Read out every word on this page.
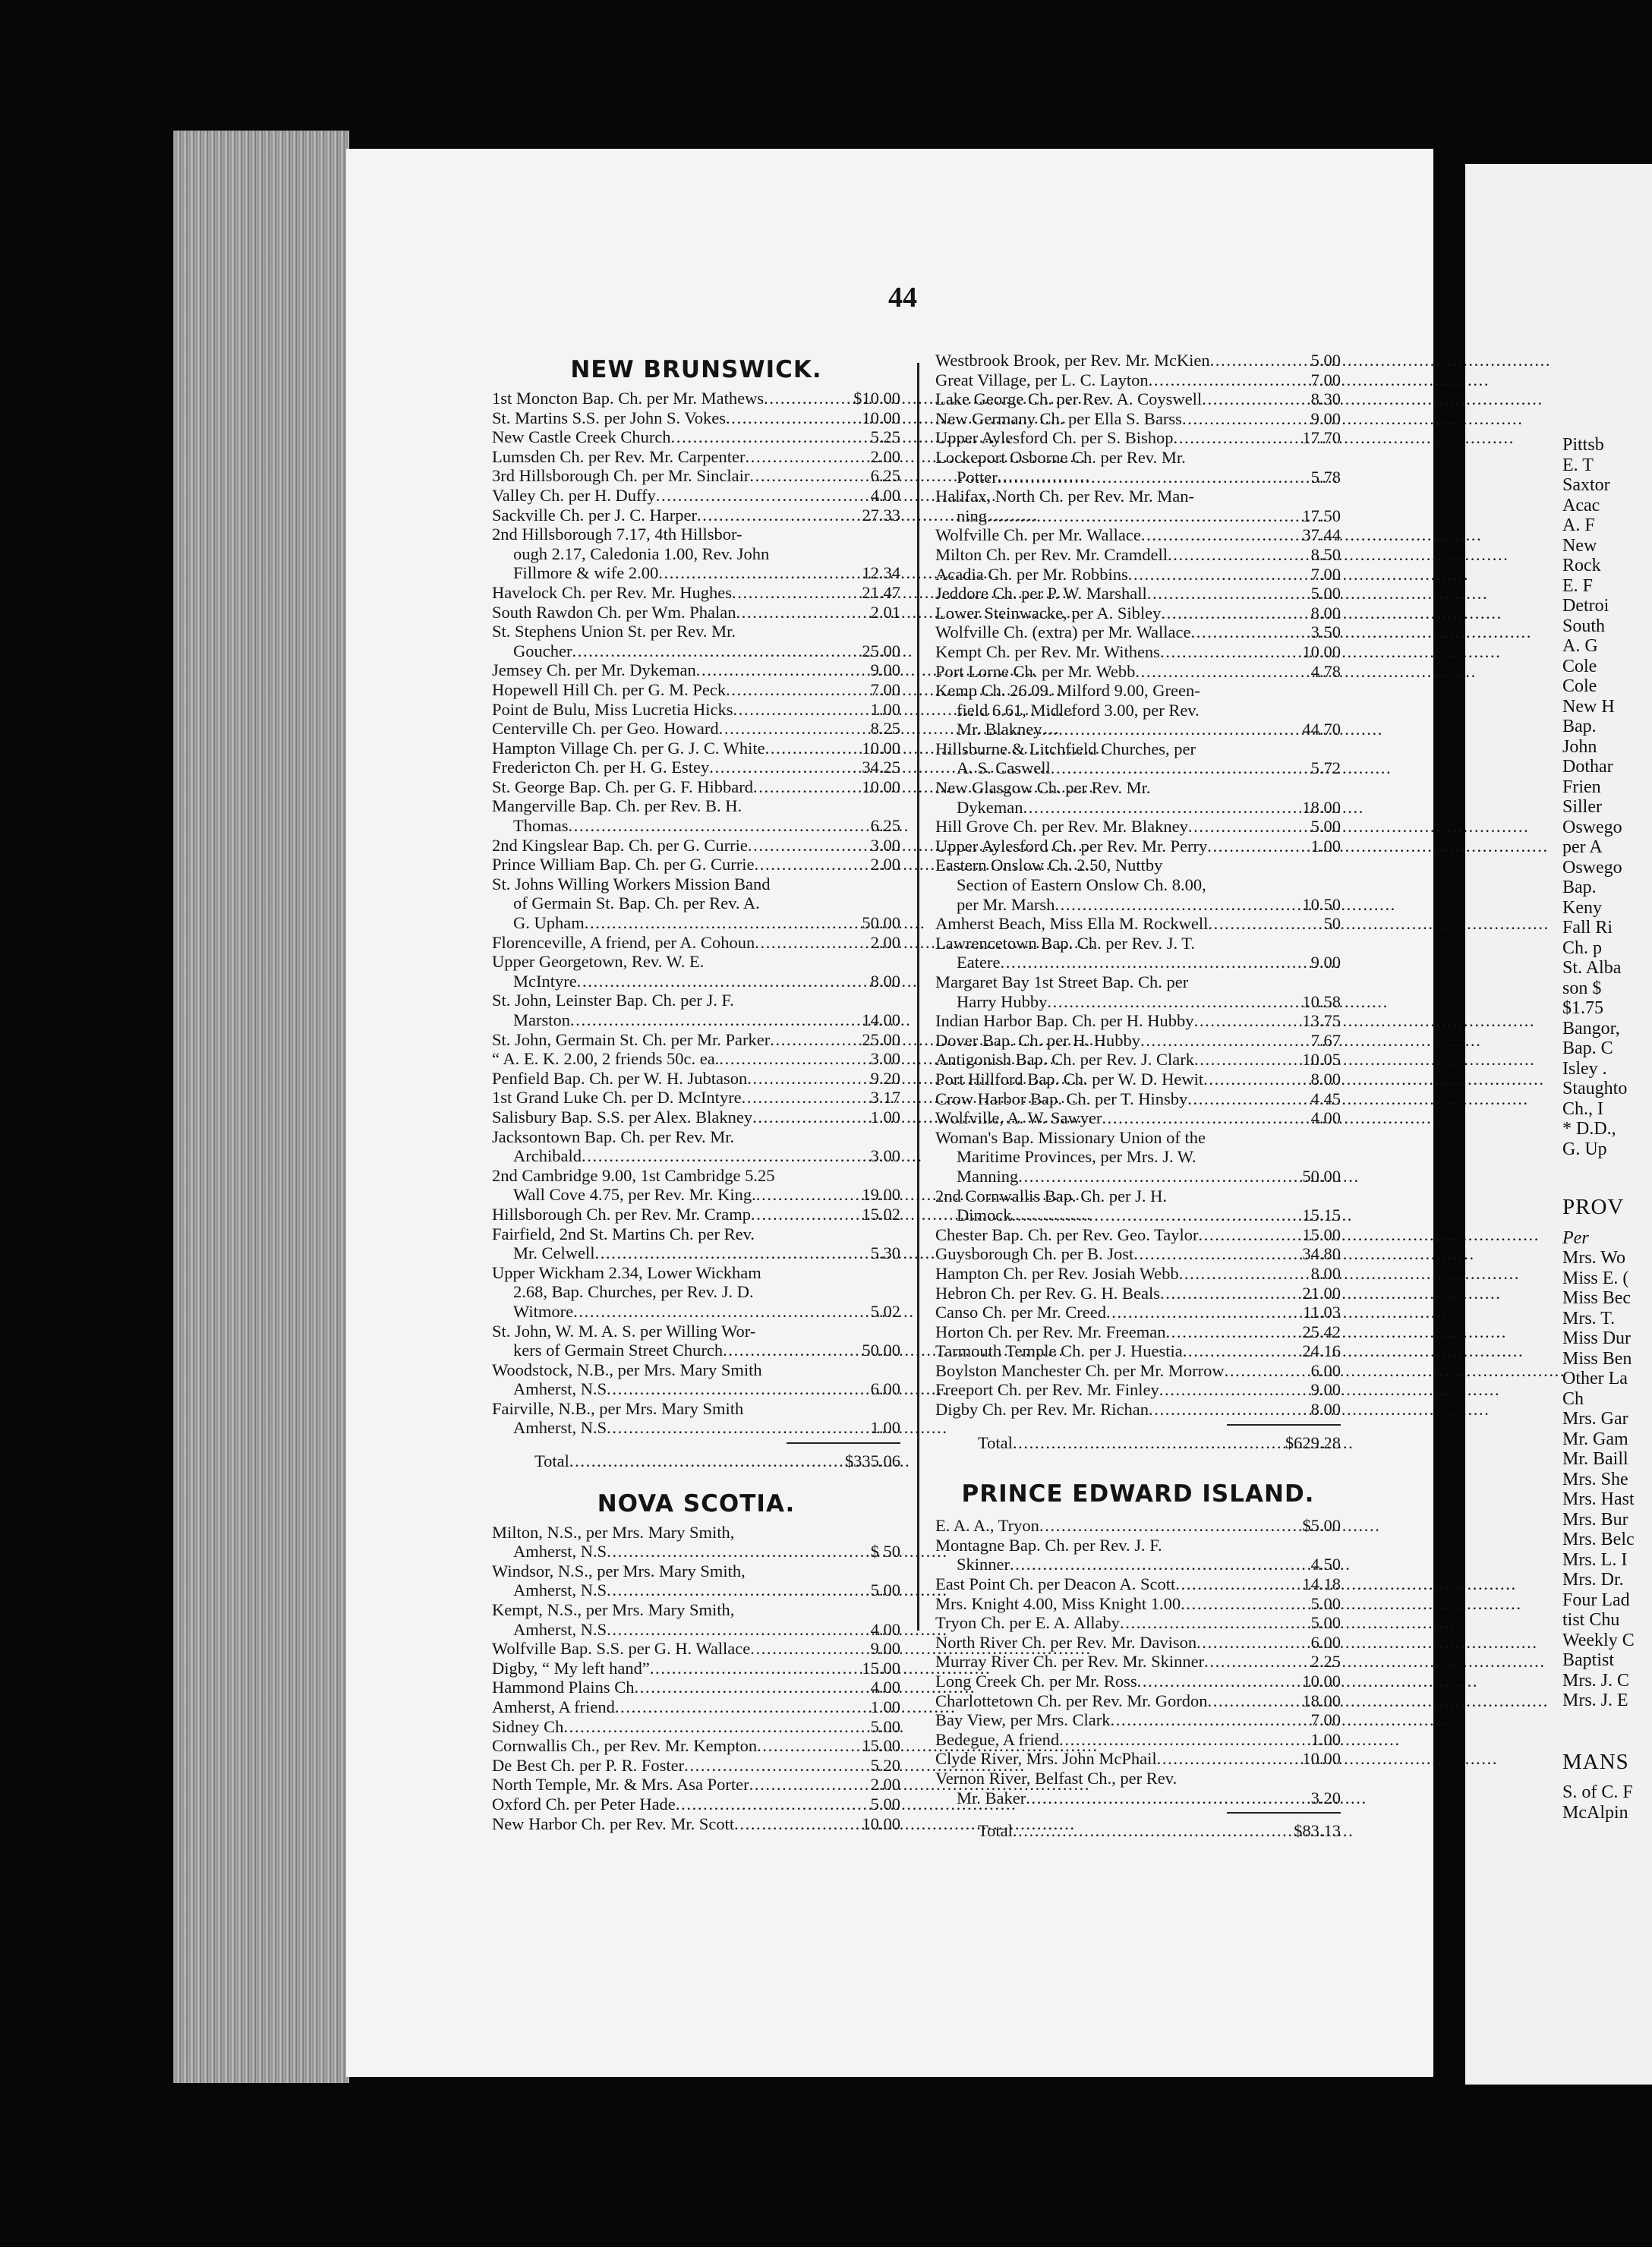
Pittsb
E. T
Saxtor
Acac
A. F
New
Rock
E. F
Detroi
South
A. G
Cole
Cole
New H
Bap.
John
Dothar
Frien
Siller
Oswego
per A
Oswego
Bap.
Keny
Fall Ri
Ch. p
St. Alba
son $
$1.75
Bangor,
Bap. C
Isley .
Staughto
Ch., I
* D.D.,
G. Up
PROV
Per
Mrs. Wo
Miss E. (
Miss Bec
Mrs. T.
Miss Dur
Miss Ben
Other La
Ch
Mrs. Gar
Mr. Gam
Mr. Baill
Mrs. She
Mrs. Hast
Mrs. Bur
Mrs. Belc
Mrs. L. I
Mrs. Dr.
Four Lad
tist Chu
Weekly C
Baptist
Mrs. J. C
Mrs. J. E
MANS
S. of C. F
McAlpin
44
NEW BRUNSWICK.
1st Moncton Bap. Ch. per Mr. Mathews . . .	$10.00
St. Martins S.S. per John S. Vokes . . .	10.00
New Castle Creek Church . . .	5.25
Lumsden Ch. per Rev. Mr. Carpenter . . .	2.00
3rd Hillsborough Ch. per Mr. Sinclair . . .	6.25
Valley Ch. per H. Duffy . . .	4.00
Sackville Ch. per J. C. Harper . . .	27.33
2nd Hillsborough 7.17, 4th Hillsbor-
ough 2.17, Caledonia 1.00, Rev. John
Fillmore & wife 2.00 . . .	12.34
Havelock Ch. per Rev. Mr. Hughes . . .	21.47
South Rawdon Ch. per Wm. Phalan . . .	2.01
St. Stephens Union St. per Rev. Mr.
Goucher . . .	25.00
Jemsey Ch. per Mr. Dykeman . . .	9.00
Hopewell Hill Ch. per G. M. Peck . . .	7.00
Point de Bulu, Miss Lucretia Hicks . . .	1.00
Centerville Ch. per Geo. Howard . . .	8.25
Hampton Village Ch. per G. J. C. White . . .	10.00
Fredericton Ch. per H. G. Estey . . .	34.25
St. George Bap. Ch. per G. F. Hibbard . . .	10.00
Mangerville Bap. Ch. per Rev. B. H.
Thomas . . .	6.25
2nd Kingslear Bap. Ch. per G. Currie . . .	3.00
Prince William Bap. Ch. per G. Currie . . .	2.00
St. Johns Willing Workers Mission Band
of Germain St. Bap. Ch. per Rev. A.
G. Upham . . .	50.00
Florenceville, A friend, per A. Cohoun . . .	2.00
Upper Georgetown, Rev. W. E.
McIntyre . . .	8.00
St. John, Leinster Bap. Ch. per J. F.
Marston . . .	14.00
St. John, Germain St. Ch. per Mr. Parker . . .	25.00
“ A. E. K. 2.00, 2 friends 50c. ea. . . .	3.00
Penfield Bap. Ch. per W. H. Jubtason . . .	9.20
1st Grand Luke Ch. per D. McIntyre . . .	3.17
Salisbury Bap. S.S. per Alex. Blakney . . .	1.00
Jacksontown Bap. Ch. per Rev. Mr.
Archibald . . .	3.00
2nd Cambridge 9.00, 1st Cambridge 5.25
Wall Cove 4.75, per Rev. Mr. King. . . .	19.00
Hillsborough Ch. per Rev. Mr. Cramp . . .	15.02
Fairfield, 2nd St. Martins Ch. per Rev.
Mr. Celwell . . .	5.30
Upper Wickham 2.34, Lower Wickham
2.68, Bap. Churches, per Rev. J. D.
Witmore . . .	5.02
St. John, W. M. A. S. per Willing Wor-
kers of Germain Street Church . . .	50.00
Woodstock, N.B., per Mrs. Mary Smith
Amherst, N.S . . .	6.00
Fairville, N.B., per Mrs. Mary Smith
Amherst, N.S . . .	1.00
Total . . .	$335.06
NOVA SCOTIA.
Milton, N.S., per Mrs. Mary Smith,
Amherst, N.S . . .	$ 50
Windsor, N.S., per Mrs. Mary Smith,
Amherst, N.S . . .	5.00
Kempt, N.S., per Mrs. Mary Smith,
Amherst, N.S . . .	4.00
Wolfville Bap. S.S. per G. H. Wallace . . .	9.00
Digby, “ My left hand” . . .	15.00
Hammond Plains Ch . . .	4.00
Amherst, A friend . . .	1.00
Sidney Ch . . .	5.00
Cornwallis Ch., per Rev. Mr. Kempton . . .	15.00
De Best Ch. per P. R. Foster . . .	5.20
North Temple, Mr. & Mrs. Asa Porter . . .	2.00
Oxford Ch. per Peter Hade . . .	5.00
New Harbor Ch. per Rev. Mr. Scott . . .	10.00
Westbrook Brook, per Rev. Mr. McKien . . .	5.00
Great Village, per L. C. Layton . . .	7.00
Lake George Ch. per Rev. A. Coyswell . . .	8.30
New Germany Ch. per Ella S. Barss . . .	9.00
Upper Aylesford Ch. per S. Bishop . . .	17.70
Lockeport Osborne Ch. per Rev. Mr.
Potter . . .	5.78
Halifax, North Ch. per Rev. Mr. Man-
ning . . .	17.50
Wolfville Ch. per Mr. Wallace . . .	37.44
Milton Ch. per Rev. Mr. Cramdell . . .	8.50
Acadia Ch. per Mr. Robbins . . .	7.00
Jeddore Ch. per P. W. Marshall . . .	5.00
Lower Steinwacke, per A. Sibley . . .	8.00
Wolfville Ch. (extra) per Mr. Wallace . . .	3.50
Kempt Ch. per Rev. Mr. Withens . . .	10.00
Port Lorne Ch. per Mr. Webb . . .	4.78
Kemp Ch. 26.09. Milford 9.00, Green-
field 6.61, Midleford 3.00, per Rev.
Mr. Blakney . . .	44.70
Hillsburne & Litchfield Churches, per
A. S. Caswell . . .	5.72
New Glasgow Ch. per Rev. Mr.
Dykeman . . .	18.00
Hill Grove Ch. per Rev. Mr. Blakney . . .	5.00
Upper Aylesford Ch. per Rev. Mr. Perry . . .	1.00
Eastern Onslow Ch. 2.50, Nuttby
Section of Eastern Onslow Ch. 8.00,
per Mr. Marsh . . .	10.50
Amherst Beach, Miss Ella M. Rockwell . . .	50
Lawrencetown Bap. Ch. per Rev. J. T.
Eatere . . .	9.00
Margaret Bay 1st Street Bap. Ch. per
Harry Hubby . . .	10.58
Indian Harbor Bap. Ch. per H. Hubby . . .	13.75
Dover Bap. Ch. per H. Hubby . . .	7.67
Antigonish Bap. Ch. per Rev. J. Clark . . .	10.05
Port Hillford Bap. Ch. per W. D. Hewit . . .	8.00
Crow Harbor Bap. Ch. per T. Hinsby . . .	4.45
Wolfville, A. W. Sawyer . . .	4.00
Woman's Bap. Missionary Union of the
Maritime Provinces, per Mrs. J. W.
Manning . . .	50.00
2nd Cornwallis Bap. Ch. per J. H.
Dimock . . .	15.15
Chester Bap. Ch. per Rev. Geo. Taylor . . .	15.00
Guysborough Ch. per B. Jost . . .	34.80
Hampton Ch. per Rev. Josiah Webb . . .	8.00
Hebron Ch. per Rev. G. H. Beals . . .	21.00
Canso Ch. per Mr. Creed . . .	11.03
Horton Ch. per Rev. Mr. Freeman . . .	25.42
Tarmouth Temple Ch. per J. Huestia . . .	24.16
Boylston Manchester Ch. per Mr. Morrow . . .	6.00
Freeport Ch. per Rev. Mr. Finley . . .	9.00
Digby Ch. per Rev. Mr. Richan . . .	8.00
Total . . .	$629.28
PRINCE EDWARD ISLAND.
E. A. A., Tryon . . .	$5.00
Montagne Bap. Ch. per Rev. J. F.
Skinner . . .	4.50
East Point Ch. per Deacon A. Scott . . .	14.18
Mrs. Knight 4.00, Miss Knight 1.00 . . .	5.00
Tryon Ch. per E. A. Allaby . . .	5.00
North River Ch. per Rev. Mr. Davison . . .	6.00
Murray River Ch. per Rev. Mr. Skinner . . .	2.25
Long Creek Ch. per Mr. Ross . . .	10.00
Charlottetown Ch. per Rev. Mr. Gordon . . .	18.00
Bay View, per Mrs. Clark . . .	7.00
Bedegue, A friend . . .	1.00
Clyde River, Mrs. John McPhail . . .	10.00
Vernon River, Belfast Ch., per Rev.
Mr. Baker . . .	3.20
Total . . .	$83.13
